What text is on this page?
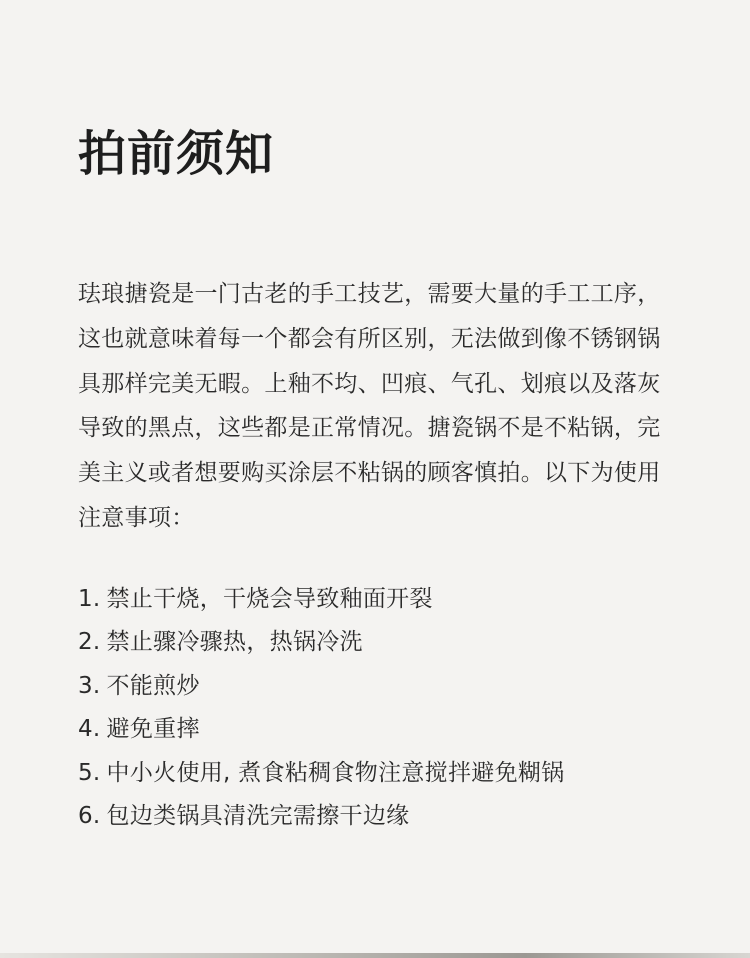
拍前须知

珐琅搪瓷是一门古老的手工技艺，需要大量的手工工序，这也就意味着每一个都会有所区别，无法做到像不锈钢锅具那样完美无暇。上釉不均、凹痕、气孔、划痕以及落灰导致的黑点，这些都是正常情况。搪瓷锅不是不粘锅，完美主义或者想要购买涂层不粘锅的顾客慎拍。以下为使用注意事项：

1. 禁止干烧，干烧会导致釉面开裂
2. 禁止骤冷骤热，热锅冷洗
3. 不能煎炒
4. 避免重摔
5. 中小火使用, 煮食粘稠食物注意搅拌避免糊锅
6. 包边类锅具清洗完需擦干边缘
